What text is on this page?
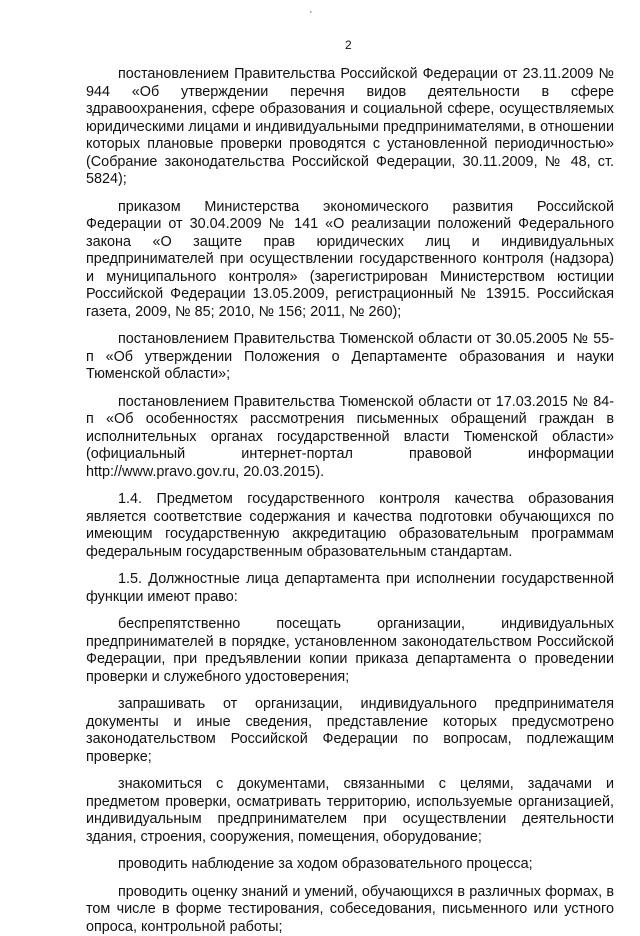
·
2

постановлением Правительства Российской Федерации от 23.11.2009 № 944 «Об утверждении перечня видов деятельности в сфере здравоохранения, сфере образования и социальной сфере, осуществляемых юридическими лицами и индивидуальными предпринимателями, в отношении которых плановые проверки проводятся с установленной периодичностью» (Собрание законодательства Российской Федерации, 30.11.2009, № 48, ст. 5824);

приказом Министерства экономического развития Российской Федерации от 30.04.2009 № 141 «О реализации положений Федерального закона «О защите прав юридических лиц и индивидуальных предпринимателей при осуществлении государственного контроля (надзора) и муниципального контроля» (зарегистрирован Министерством юстиции Российской Федерации 13.05.2009, регистрационный № 13915. Российская газета, 2009, № 85; 2010, № 156; 2011, № 260);

постановлением Правительства Тюменской области от 30.05.2005 № 55-п «Об утверждении Положения о Департаменте образования и науки Тюменской области»;

постановлением Правительства Тюменской области от 17.03.2015 № 84-п «Об особенностях рассмотрения письменных обращений граждан в исполнительных органах государственной власти Тюменской области» (официальный интернет-портал правовой информации http://www.pravo.gov.ru, 20.03.2015).

1.4. Предметом государственного контроля качества образования является соответствие содержания и качества подготовки обучающихся по имеющим государственную аккредитацию образовательным программам федеральным государственным образовательным стандартам.

1.5. Должностные лица департамента при исполнении государственной функции имеют право:

беспрепятственно посещать организации, индивидуальных предпринимателей в порядке, установленном законодательством Российской Федерации, при предъявлении копии приказа департамента о проведении проверки и служебного удостоверения;

запрашивать от организации, индивидуального предпринимателя документы и иные сведения, представление которых предусмотрено законодательством Российской Федерации по вопросам, подлежащим проверке;

знакомиться с документами, связанными с целями, задачами и предметом проверки, осматривать территорию, используемые организацией, индивидуальным предпринимателем при осуществлении деятельности здания, строения, сооружения, помещения, оборудование;

проводить наблюдение за ходом образовательного процесса;

проводить оценку знаний и умений, обучающихся в различных формах, в том числе в форме тестирования, собеседования, письменного или устного опроса, контрольной работы;
